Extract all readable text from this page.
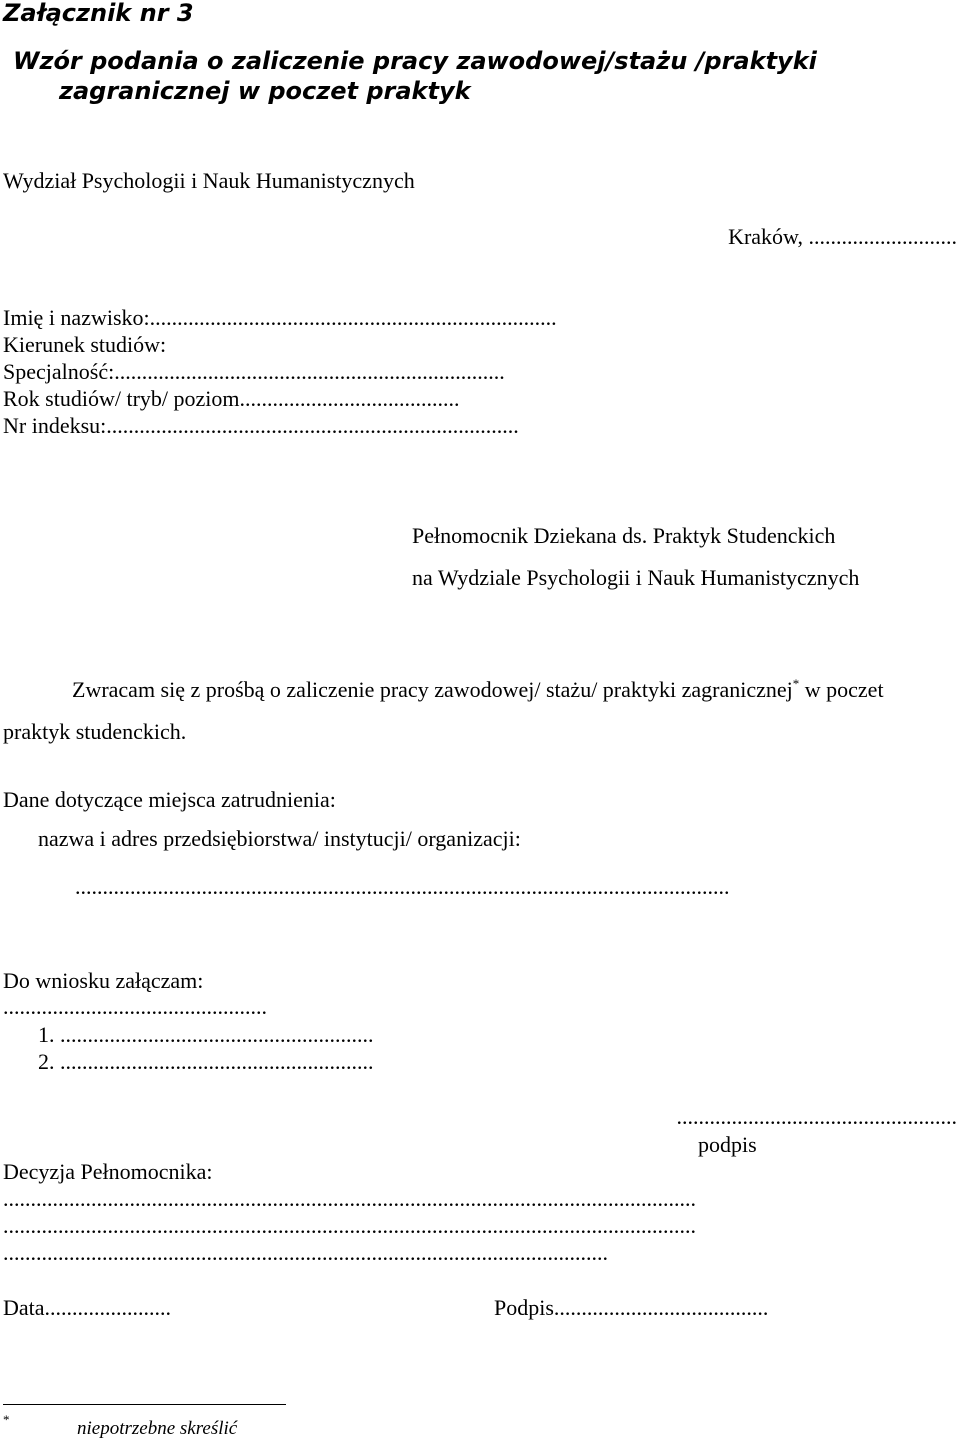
Załącznik nr 3
Wzór podania o zaliczenie pracy zawodowej/stażu /praktyki
zagranicznej w poczet praktyk
Wydział Psychologii i Nauk Humanistycznych
Kraków, ...........................
Imię i nazwisko:..........................................................................
Kierunek studiów:
Specjalność:.......................................................................
Rok studiów/ tryb/ poziom........................................
Nr indeksu:...........................................................................
Pełnomocnik Dziekana ds. Praktyk Studenckich
na Wydziale Psychologii i Nauk Humanistycznych
Zwracam się z prośbą o zaliczenie pracy zawodowej/ stażu/ praktyki zagranicznej* w poczet
praktyk studenckich.
Dane dotyczące miejsca zatrudnienia:
nazwa i adres przedsiębiorstwa/ instytucji/ organizacji:
.......................................................................................................................
Do wniosku załączam:
................................................
1. .........................................................
2. .........................................................
...................................................
podpis
Decyzja Pełnomocnika:
..............................................................................................................................
..............................................................................................................................
..............................................................................................................
Data.......................	Podpis.......................................
*	niepotrzebne skreślić
